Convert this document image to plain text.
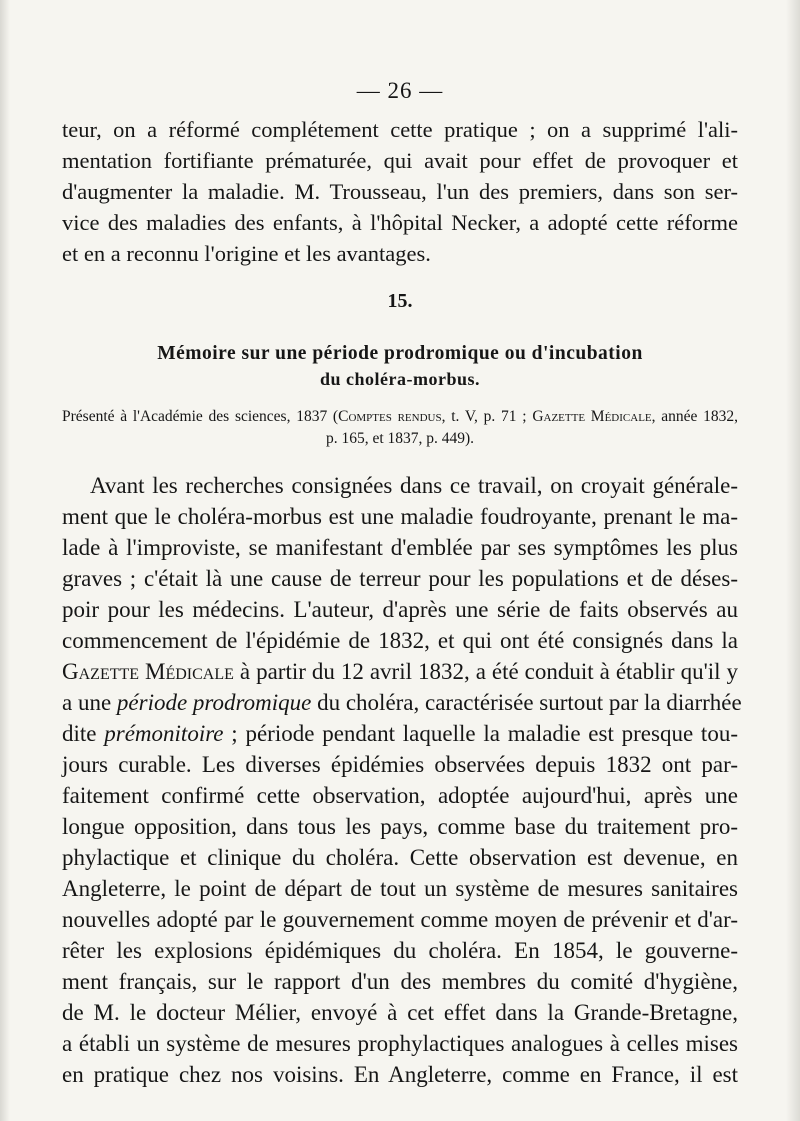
— 26 —
teur, on a réformé complétement cette pratique ; on a supprimé l'ali-
mentation fortifiante prématurée, qui avait pour effet de provoquer et
d'augmenter la maladie. M. Trousseau, l'un des premiers, dans son ser-
vice des maladies des enfants, à l'hôpital Necker, a adopté cette réforme
et en a reconnu l'origine et les avantages.
15.
Mémoire sur une période prodromique ou d'incubation
du choléra-morbus.
Présenté à l'Académie des sciences, 1837 (Comptes rendus, t. V, p. 71 ; Gazette Médicale, année 1832,
p. 165, et 1837, p. 449).
Avant les recherches consignées dans ce travail, on croyait générale-
ment que le choléra-morbus est une maladie foudroyante, prenant le ma-
lade à l'improviste, se manifestant d'emblée par ses symptômes les plus
graves ; c'était là une cause de terreur pour les populations et de déses-
poir pour les médecins. L'auteur, d'après une série de faits observés au
commencement de l'épidémie de 1832, et qui ont été consignés dans la
Gazette Médicale à partir du 12 avril 1832, a été conduit à établir qu'il y
a une période prodromique du choléra, caractérisée surtout par la diarrhée
dite prémonitoire ; période pendant laquelle la maladie est presque tou-
jours curable. Les diverses épidémies observées depuis 1832 ont par-
faitement confirmé cette observation, adoptée aujourd'hui, après une
longue opposition, dans tous les pays, comme base du traitement pro-
phylactique et clinique du choléra. Cette observation est devenue, en
Angleterre, le point de départ de tout un système de mesures sanitaires
nouvelles adopté par le gouvernement comme moyen de prévenir et d'ar-
rêter les explosions épidémiques du choléra. En 1854, le gouverne-
ment français, sur le rapport d'un des membres du comité d'hygiène,
de M. le docteur Mélier, envoyé à cet effet dans la Grande-Bretagne,
a établi un système de mesures prophylactiques analogues à celles mises
en pratique chez nos voisins. En Angleterre, comme en France, il est
